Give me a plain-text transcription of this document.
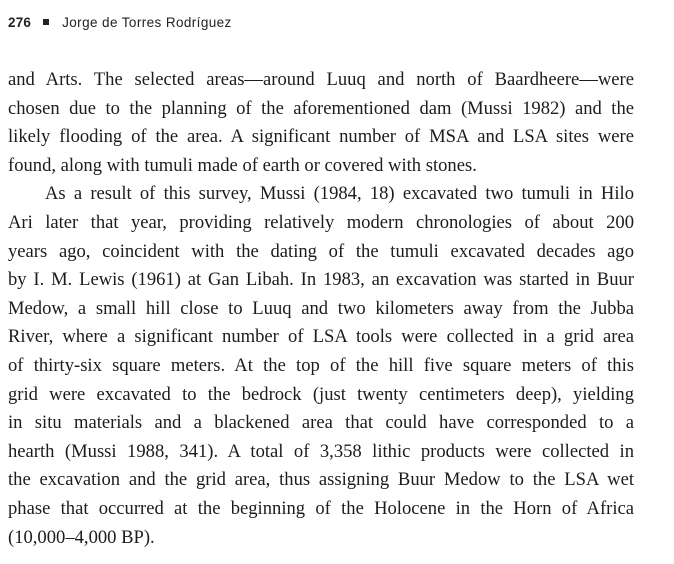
276 Jorge de Torres Rodríguez
and Arts. The selected areas—around Luuq and north of Baardheere—were
chosen due to the planning of the aforementioned dam (Mussi 1982) and the
likely flooding of the area. A significant number of MSA and LSA sites were
found, along with tumuli made of earth or covered with stones.
As a result of this survey, Mussi (1984, 18) excavated two tumuli in Hilo
Ari later that year, providing relatively modern chronologies of about 200
years ago, coincident with the dating of the tumuli excavated decades ago
by I. M. Lewis (1961) at Gan Libah. In 1983, an excavation was started in Buur
Medow, a small hill close to Luuq and two kilometers away from the Jubba
River, where a significant number of LSA tools were collected in a grid area
of thirty-six square meters. At the top of the hill five square meters of this
grid were excavated to the bedrock (just twenty centimeters deep), yielding
in situ materials and a blackened area that could have corresponded to a
hearth (Mussi 1988, 341). A total of 3,358 lithic products were collected in
the excavation and the grid area, thus assigning Buur Medow to the LSA wet
phase that occurred at the beginning of the Holocene in the Horn of Africa
(10,000–4,000 BP).
